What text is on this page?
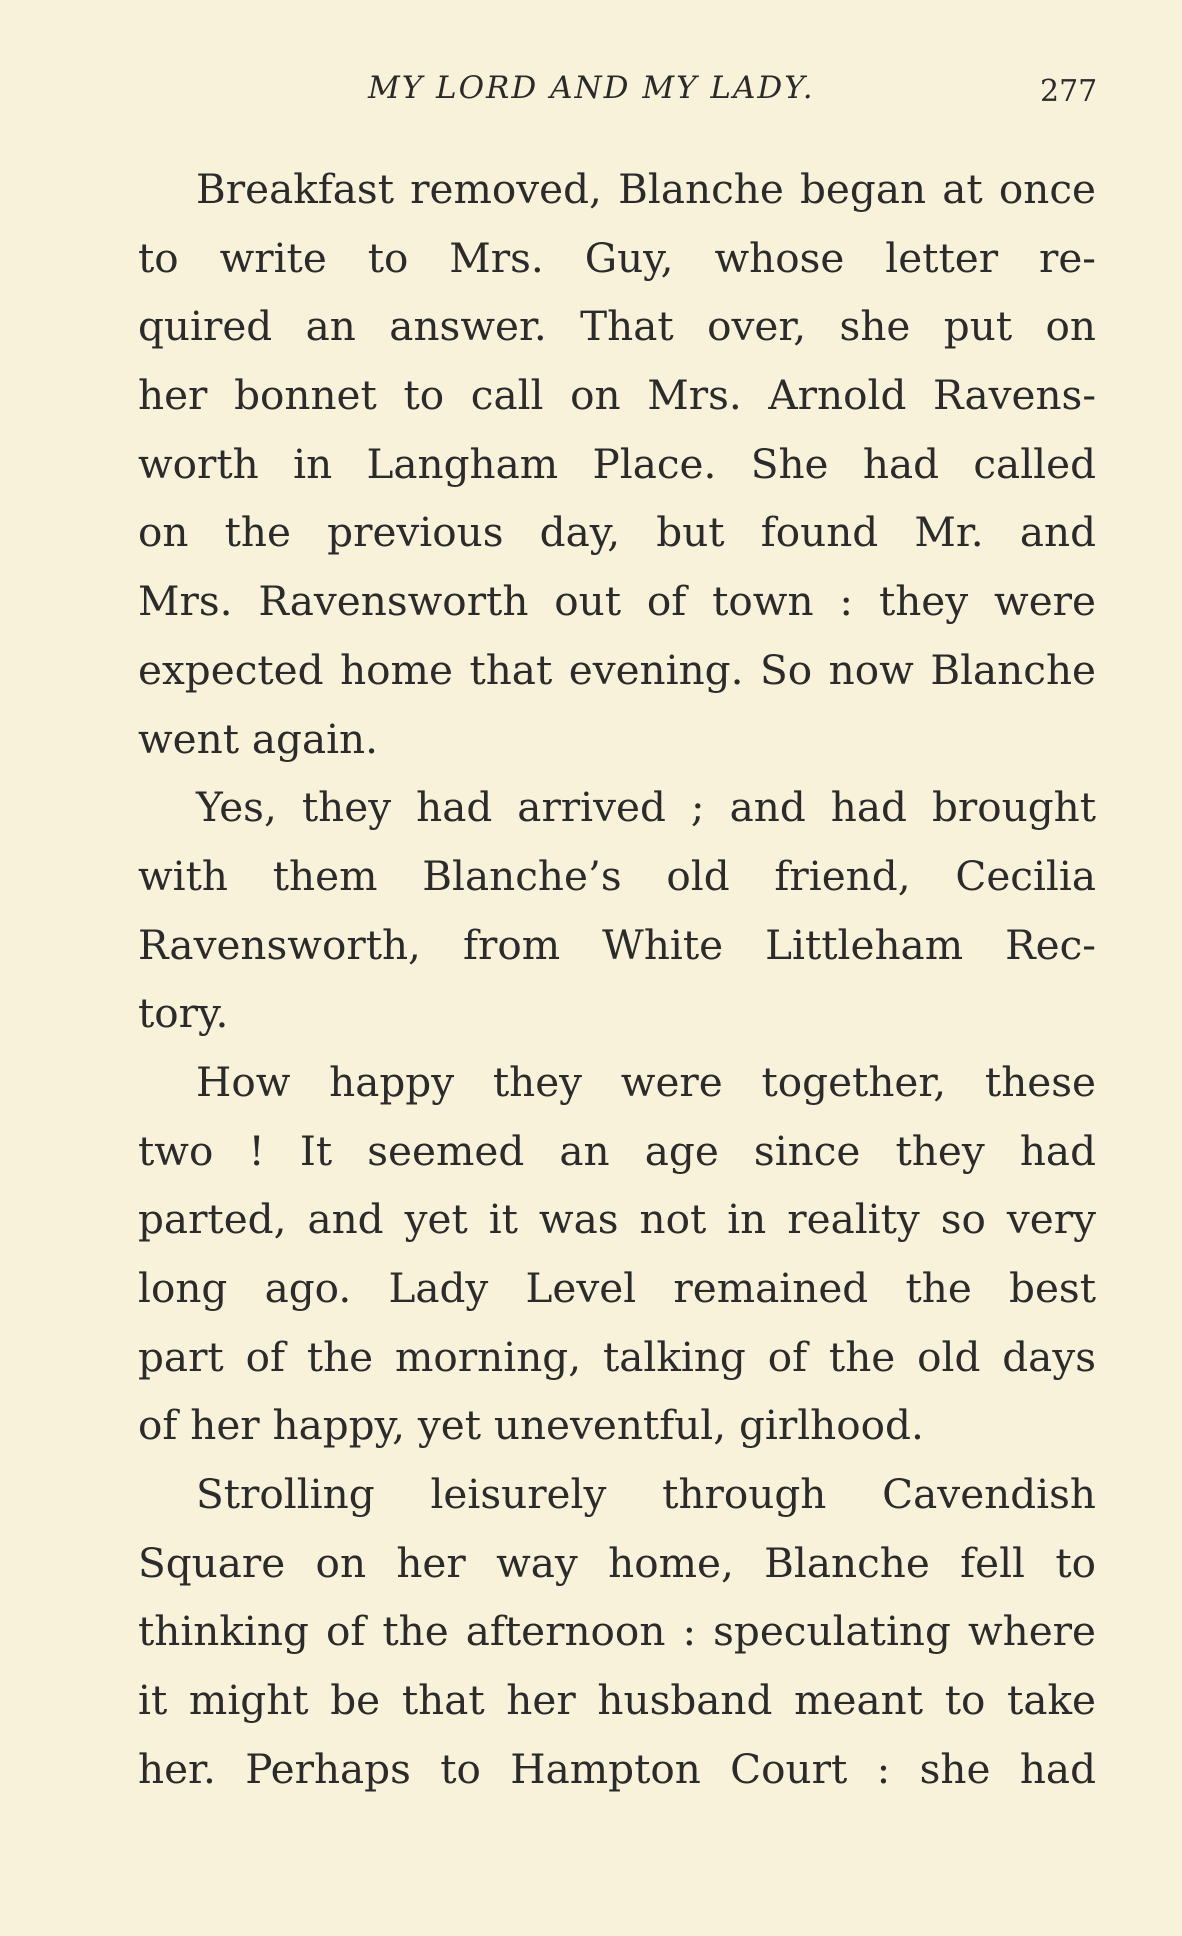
MY LORD AND MY LADY.	277
Breakfast removed, Blanche began at once
to write to Mrs. Guy, whose letter re-
quired an answer. That over, she put on
her bonnet to call on Mrs. Arnold Ravens-
worth in Langham Place. She had called
on the previous day, but found Mr. and
Mrs. Ravensworth out of town : they were
expected home that evening. So now Blanche
went again.
Yes, they had arrived ; and had brought
with them Blanche’s old friend, Cecilia
Ravensworth, from White Littleham Rec-
tory.
How happy they were together, these
two ! It seemed an age since they had
parted, and yet it was not in reality so very
long ago. Lady Level remained the best
part of the morning, talking of the old days
of her happy, yet uneventful, girlhood.
Strolling leisurely through Cavendish
Square on her way home, Blanche fell to
thinking of the afternoon : speculating where
it might be that her husband meant to take
her. Perhaps to Hampton Court : she had
